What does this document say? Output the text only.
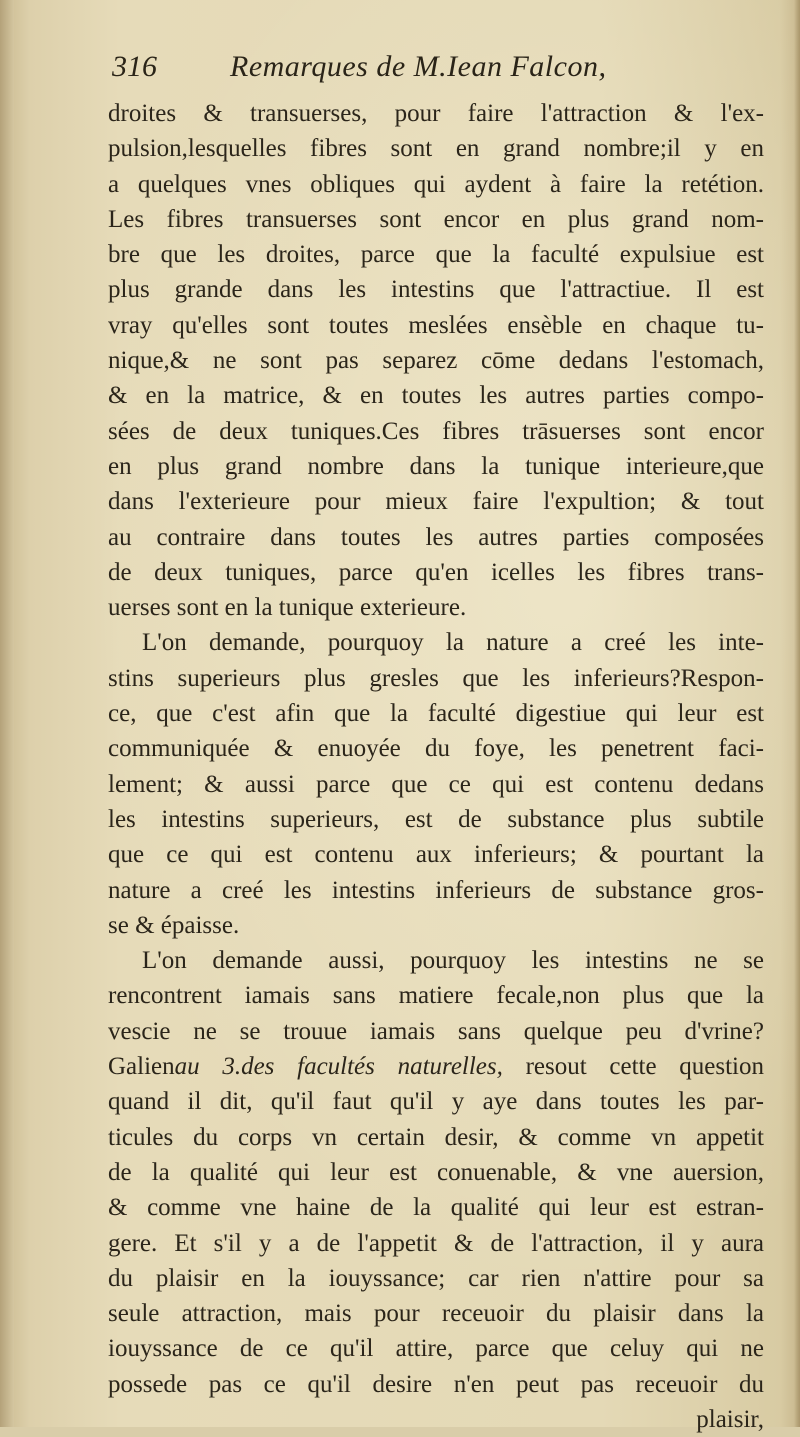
316 Remarques de M.Iean Falcon,
droites & transuerses, pour faire l'attraction & l'ex-
pulsion,lesquelles fibres sont en grand nombre;il y en
a quelques vnes obliques qui aydent à faire la retétion.
Les fibres transuerses sont encor en plus grand nom-
bre que les droites, parce que la faculté expulsiue est
plus grande dans les intestins que l'attractiue. Il est
vray qu'elles sont toutes meslées ensèble en chaque tu-
nique,& ne sont pas separez cōme dedans l'estomach,
& en la matrice, & en toutes les autres parties compo-
sées de deux tuniques.Ces fibres trāsuerses sont encor
en plus grand nombre dans la tunique interieure,que
dans l'exterieure pour mieux faire l'expultion; & tout
au contraire dans toutes les autres parties composées
de deux tuniques, parce qu'en icelles les fibres trans-
uerses sont en la tunique exterieure.
L'on demande, pourquoy la nature a creé les inte-
stins superieurs plus gresles que les inferieurs?Respon-
ce, que c'est afin que la faculté digestiue qui leur est
communiquée & enuoyée du foye, les penetrent faci-
lement; & aussi parce que ce qui est contenu dedans
les intestins superieurs, est de substance plus subtile
que ce qui est contenu aux inferieurs; & pourtant la
nature a creé les intestins inferieurs de substance gros-
se & épaisse.
L'on demande aussi, pourquoy les intestins ne se
rencontrent iamais sans matiere fecale,non plus que la
vescie ne se trouue iamais sans quelque peu d'vrine?
Galienau 3.des facultés naturelles, resout cette question
quand il dit, qu'il faut qu'il y aye dans toutes les par-
ticules du corps vn certain desir, & comme vn appetit
de la qualité qui leur est conuenable, & vne auersion,
& comme vne haine de la qualité qui leur est estran-
gere. Et s'il y a de l'appetit & de l'attraction, il y aura
du plaisir en la iouyssance; car rien n'attire pour sa
seule attraction, mais pour receuoir du plaisir dans la
iouyssance de ce qu'il attire, parce que celuy qui ne
possede pas ce qu'il desire n'en peut pas receuoir du
plaisir,
